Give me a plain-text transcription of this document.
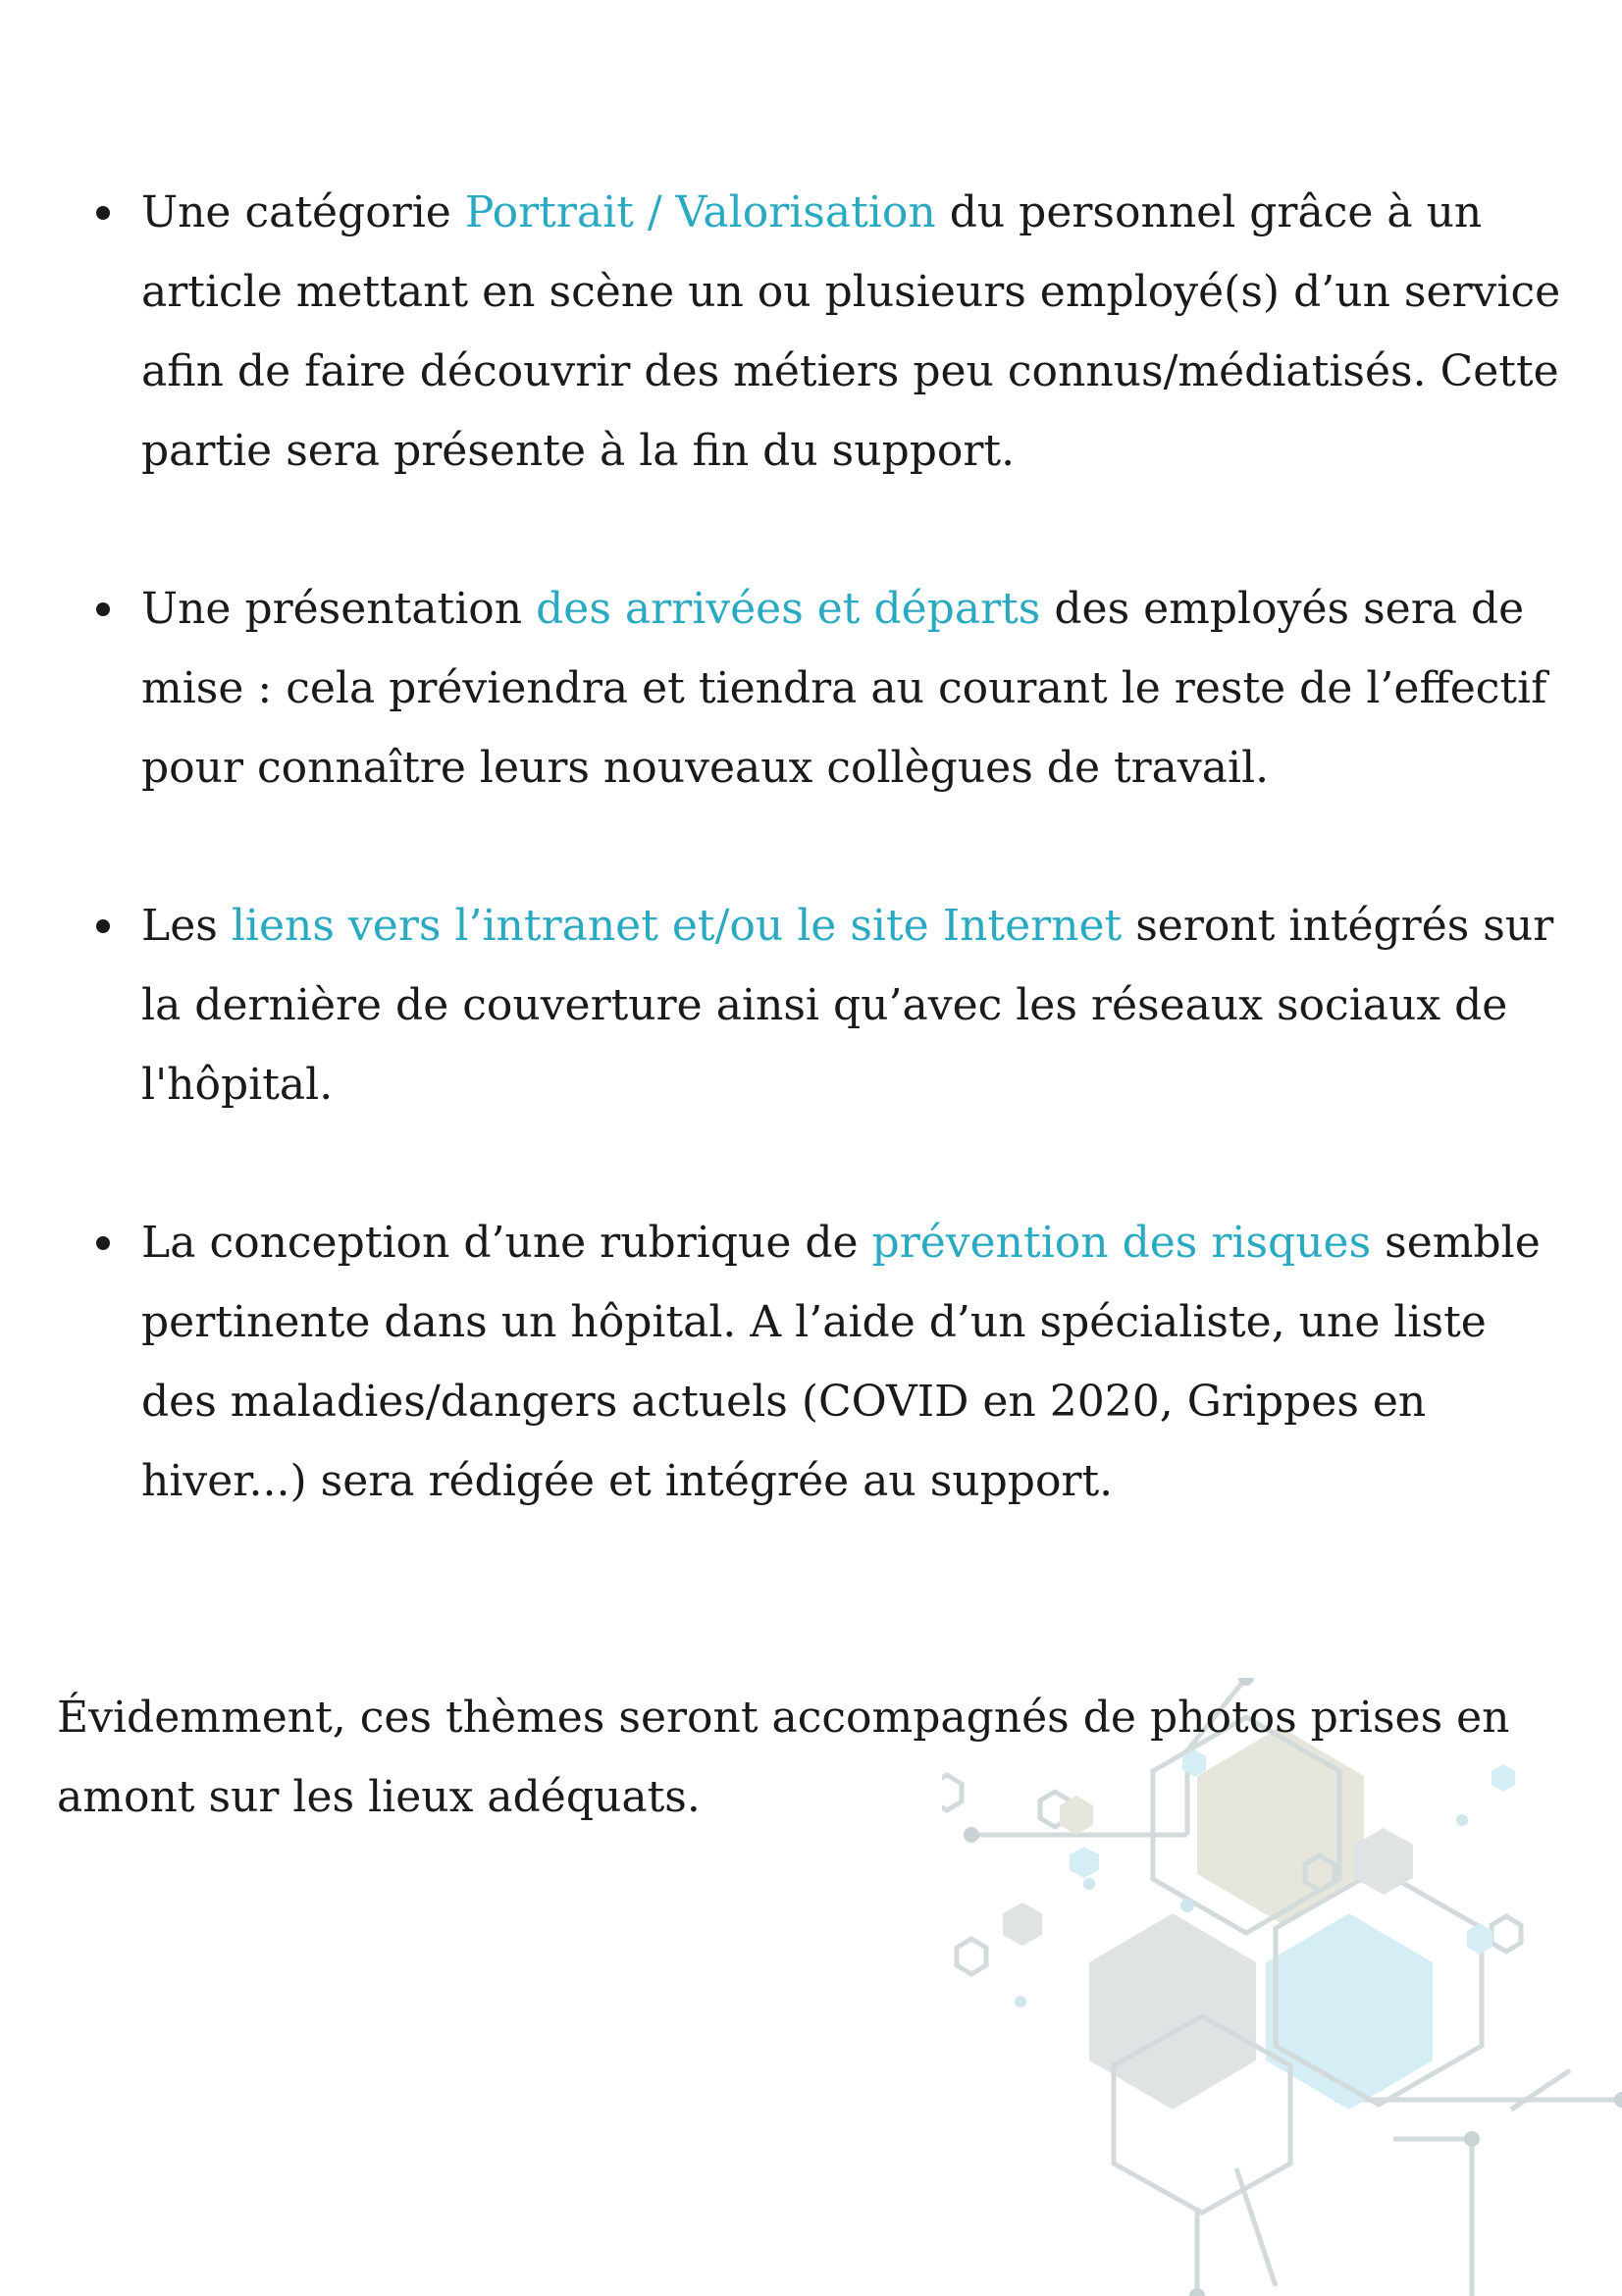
Une catégorie Portrait / Valorisation du personnel grâce à un article mettant en scène un ou plusieurs employé(s) d’un service afin de faire découvrir des métiers peu connus/médiatisés. Cette partie sera présente à la fin du support.
Une présentation des arrivées et départs des employés sera de mise : cela préviendra et tiendra au courant le reste de l’effectif pour connaître leurs nouveaux collègues de travail.
Les liens vers l’intranet et/ou le site Internet seront intégrés sur la dernière de couverture ainsi qu’avec les réseaux sociaux de l'hôpital.
La conception d’une rubrique de prévention des risques semble pertinente dans un hôpital. A l’aide d’un spécialiste, une liste des maladies/dangers actuels (COVID en 2020, Grippes en hiver...) sera rédigée et intégrée au support.

Évidemment, ces thèmes seront accompagnés de photos prises en amont sur les lieux adéquats.
